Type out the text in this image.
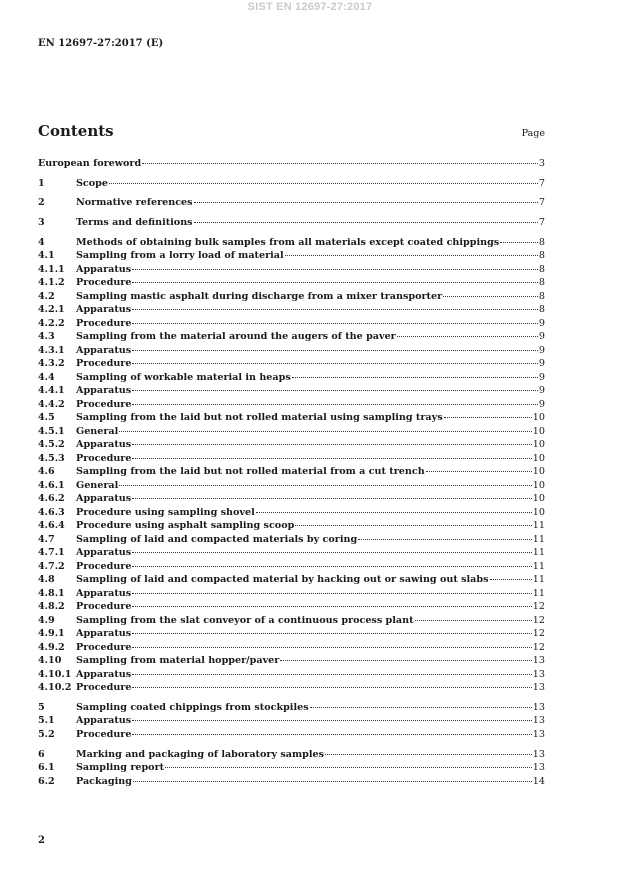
SIST EN 12697-27:2017
EN 12697-27:2017 (E)
Contents	Page
European foreword	3
1	Scope	7
2	Normative references	7
3	Terms and definitions	7
4	Methods of obtaining bulk samples from all materials except coated chippings	8
4.1	Sampling from a lorry load of material	8
4.1.1	Apparatus	8
4.1.2	Procedure	8
4.2	Sampling mastic asphalt during discharge from a mixer transporter	8
4.2.1	Apparatus	8
4.2.2	Procedure	9
4.3	Sampling from the material around the augers of the paver	9
4.3.1	Apparatus	9
4.3.2	Procedure	9
4.4	Sampling of workable material in heaps	9
4.4.1	Apparatus	9
4.4.2	Procedure	9
4.5	Sampling from the laid but not rolled material using sampling trays	10
4.5.1	General	10
4.5.2	Apparatus	10
4.5.3	Procedure	10
4.6	Sampling from the laid but not rolled material from a cut trench	10
4.6.1	General	10
4.6.2	Apparatus	10
4.6.3	Procedure using sampling shovel	10
4.6.4	Procedure using asphalt sampling scoop	11
4.7	Sampling of laid and compacted materials by coring	11
4.7.1	Apparatus	11
4.7.2	Procedure	11
4.8	Sampling of laid and compacted material by hacking out or sawing out slabs	11
4.8.1	Apparatus	11
4.8.2	Procedure	12
4.9	Sampling from the slat conveyor of a continuous process plant	12
4.9.1	Apparatus	12
4.9.2	Procedure	12
4.10	Sampling from material hopper/paver	13
4.10.1 Apparatus	13
4.10.2 Procedure	13
5	Sampling coated chippings from stockpiles	13
5.1	Apparatus	13
5.2	Procedure	13
6	Marking and packaging of laboratory samples	13
6.1	Sampling report	13
6.2	Packaging	14
2
